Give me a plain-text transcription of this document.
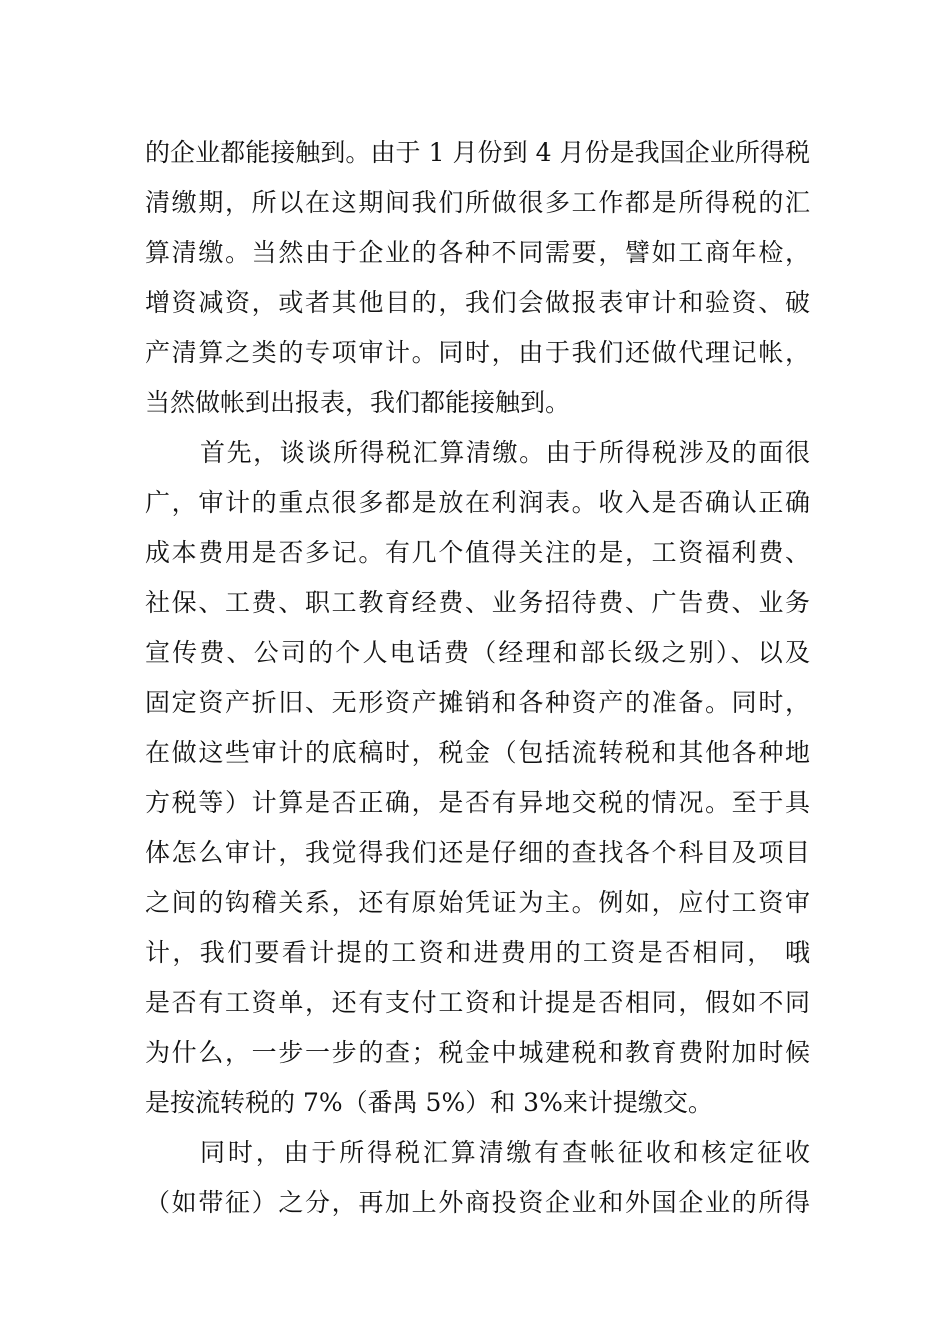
的企业都能接触到。由于 1 月份到 4 月份是我国企业所得税
清缴期，所以在这期间我们所做很多工作都是所得税的汇
算清缴。当然由于企业的各种不同需要，譬如工商年检，
增资减资，或者其他目的，我们会做报表审计和验资、破
产清算之类的专项审计。同时，由于我们还做代理记帐，
当然做帐到出报表，我们都能接触到。
首先，谈谈所得税汇算清缴。由于所得税涉及的面很
广，审计的重点很多都是放在利润表。收入是否确认正确
成本费用是否多记。有几个值得关注的是，工资福利费、
社保、工费、职工教育经费、业务招待费、广告费、业务
宣传费、公司的个人电话费（经理和部长级之别）、以及
固定资产折旧、无形资产摊销和各种资产的准备。同时，
在做这些审计的底稿时，税金（包括流转税和其他各种地
方税等）计算是否正确，是否有异地交税的情况。至于具
体怎么审计，我觉得我们还是仔细的查找各个科目及项目
之间的钩稽关系，还有原始凭证为主。例如，应付工资审
计，我们要看计提的工资和进费用的工资是否相同， 哦
是否有工资单，还有支付工资和计提是否相同，假如不同
为什么，一步一步的查；税金中城建税和教育费附加时候
是按流转税的 7%（番禺 5%）和 3%来计提缴交。
同时，由于所得税汇算清缴有查帐征收和核定征收
（如带征）之分，再加上外商投资企业和外国企业的所得
